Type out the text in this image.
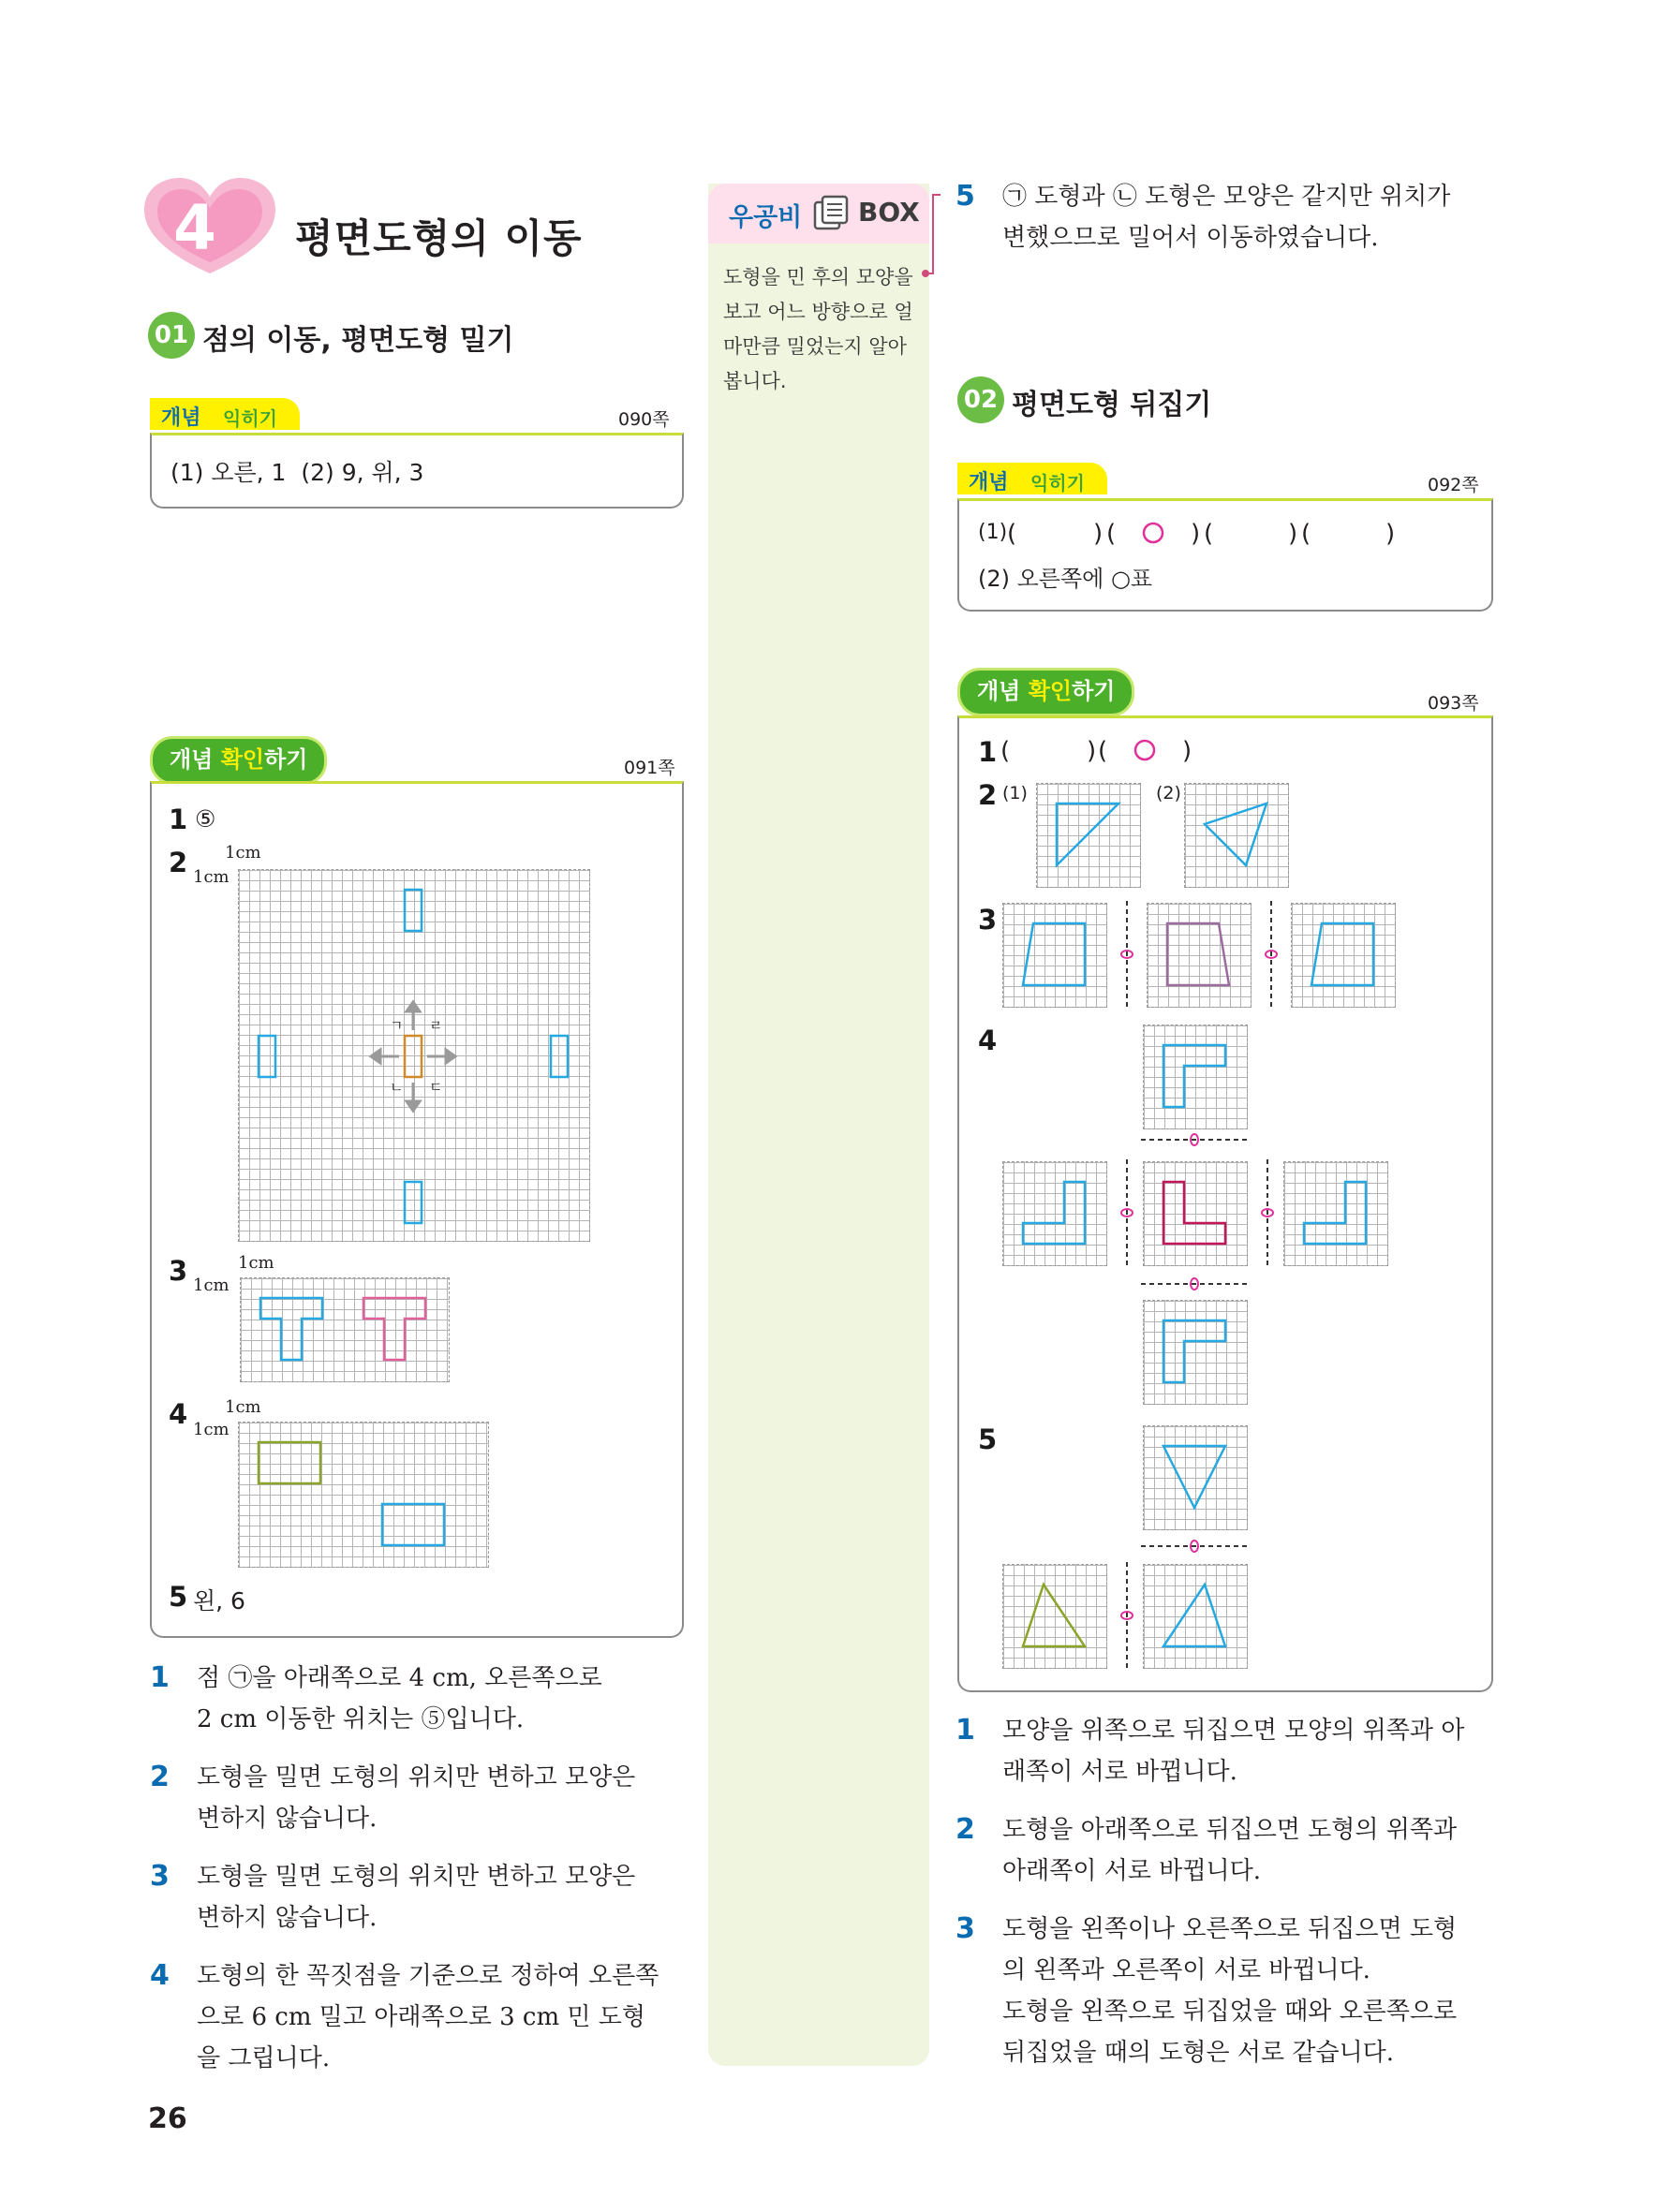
4 평면도형의 이동
01 점의 이동, 평면도형 밀기
개념 익히기	090쪽
(1) 오른, 1  (2) 9, 위, 3
개념 확인하기	091쪽
1 ⑤
2 1cm
1cm
ㄱ ㄹ
ㄴ ㄷ
3	1cm
1cm
4 1cm
1cm
5 왼, 6
1 점 ㉠을 아래쪽으로 4 cm, 오른쪽으로
2 cm 이동한 위치는 ⑤입니다.
2 도형을 밀면 도형의 위치만 변하고 모양은
변하지 않습니다.
3 도형을 밀면 도형의 위치만 변하고 모양은
변하지 않습니다.
4 도형의 한 꼭짓점을 기준으로 정하여 오른쪽
으로 6 cm 밀고 아래쪽으로 3 cm 민 도형
을 그립니다.
26
우공비 BOX
도형을 민 후의 모양을 보고 어느 방향으로 얼마만큼 밀었는지 알아봅니다.
5 ㉠ 도형과 ㉡ 도형은 모양은 같지만 위치가
변했으므로 밀어서 이동하였습니다.
02 평면도형 뒤집기
개념 익히기	092쪽
(1) (	) (	) (	) (	)
(2) 오른쪽에 ○표
개념 확인하기	093쪽
1 (	) (	)
2 (1)	(2)
3
4
5
1 모양을 위쪽으로 뒤집으면 모양의 위쪽과 아
래쪽이 서로 바뀝니다.
2 도형을 아래쪽으로 뒤집으면 도형의 위쪽과
아래쪽이 서로 바뀝니다.
3 도형을 왼쪽이나 오른쪽으로 뒤집으면 도형
의 왼쪽과 오른쪽이 서로 바뀝니다.
도형을 왼쪽으로 뒤집었을 때와 오른쪽으로
뒤집었을 때의 도형은 서로 같습니다.
